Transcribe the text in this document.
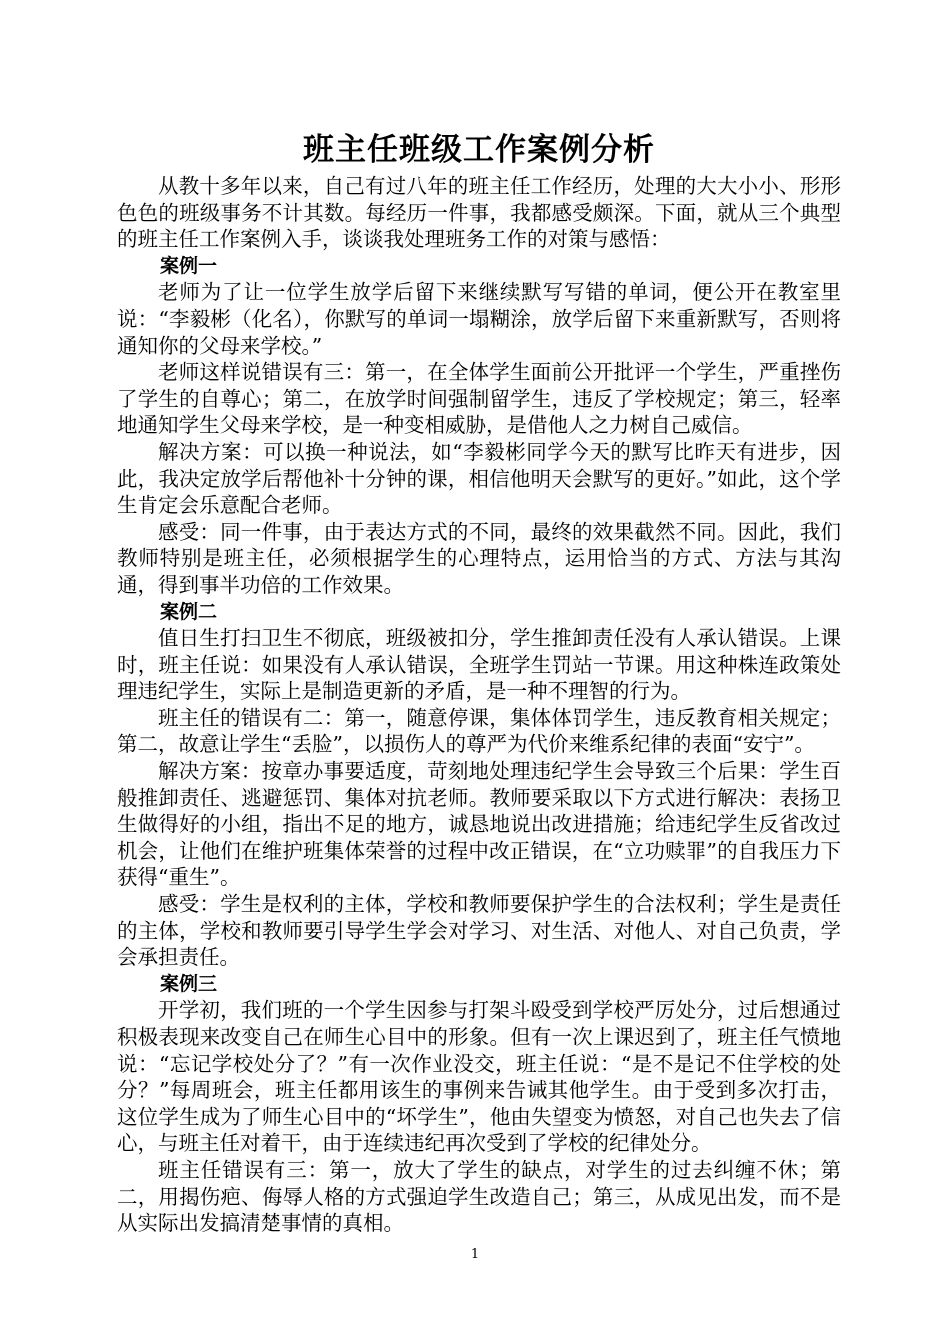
班主任班级工作案例分析

从教十多年以来，自己有过八年的班主任工作经历，处理的大大小小、形形色色的班级事务不计其数。每经历一件事，我都感受颇深。下面，就从三个典型的班主任工作案例入手，谈谈我处理班务工作的对策与感悟：

案例一

老师为了让一位学生放学后留下来继续默写写错的单词，便公开在教室里说：“李毅彬（化名），你默写的单词一塌糊涂，放学后留下来重新默写，否则将通知你的父母来学校。”

老师这样说错误有三：第一，在全体学生面前公开批评一个学生，严重挫伤了学生的自尊心；第二，在放学时间强制留学生，违反了学校规定；第三，轻率地通知学生父母来学校，是一种变相威胁，是借他人之力树自己威信。

解决方案：可以换一种说法，如“李毅彬同学今天的默写比昨天有进步，因此，我决定放学后帮他补十分钟的课，相信他明天会默写的更好。”如此，这个学生肯定会乐意配合老师。

感受：同一件事，由于表达方式的不同，最终的效果截然不同。因此，我们教师特别是班主任，必须根据学生的心理特点，运用恰当的方式、方法与其沟通，得到事半功倍的工作效果。

案例二

值日生打扫卫生不彻底，班级被扣分，学生推卸责任没有人承认错误。上课时，班主任说：如果没有人承认错误，全班学生罚站一节课。用这种株连政策处理违纪学生，实际上是制造更新的矛盾，是一种不理智的行为。

班主任的错误有二：第一，随意停课，集体体罚学生，违反教育相关规定；第二，故意让学生“丢脸”，以损伤人的尊严为代价来维系纪律的表面“安宁”。

解决方案：按章办事要适度，苛刻地处理违纪学生会导致三个后果：学生百般推卸责任、逃避惩罚、集体对抗老师。教师要采取以下方式进行解决：表扬卫生做得好的小组，指出不足的地方，诚恳地说出改进措施；给违纪学生反省改过机会，让他们在维护班集体荣誉的过程中改正错误，在“立功赎罪”的自我压力下获得“重生”。

感受：学生是权利的主体，学校和教师要保护学生的合法权利；学生是责任的主体，学校和教师要引导学生学会对学习、对生活、对他人、对自己负责，学会承担责任。

案例三

开学初，我们班的一个学生因参与打架斗殴受到学校严厉处分，过后想通过积极表现来改变自己在师生心目中的形象。但有一次上课迟到了，班主任气愤地说：“忘记学校处分了？”有一次作业没交，班主任说：“是不是记不住学校的处分？”每周班会，班主任都用该生的事例来告诫其他学生。由于受到多次打击，这位学生成为了师生心目中的“坏学生”，他由失望变为愤怒，对自己也失去了信心，与班主任对着干，由于连续违纪再次受到了学校的纪律处分。

班主任错误有三：第一，放大了学生的缺点，对学生的过去纠缠不休；第二，用揭伤疤、侮辱人格的方式强迫学生改造自己；第三，从成见出发，而不是从实际出发搞清楚事情的真相。

1
